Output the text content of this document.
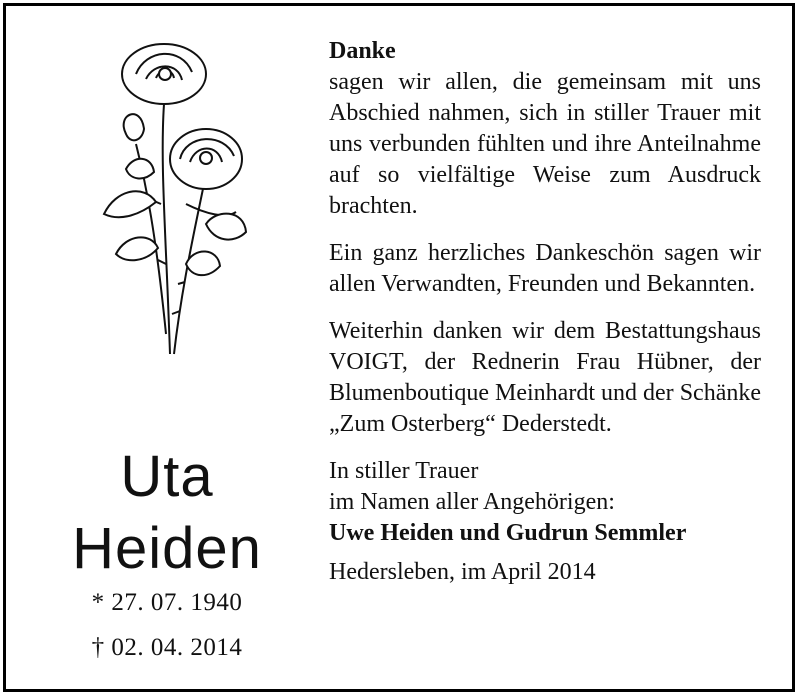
Uta
Heiden
* 27. 07. 1940
† 02. 04. 2014

Danke

sagen wir allen, die gemeinsam mit uns Abschied nahmen, sich in stiller Trauer mit uns verbunden fühlten und ihre Anteilnahme auf so vielfältige Weise zum Ausdruck brachten.

Ein ganz herzliches Dankeschön sagen wir allen Verwandten, Freunden und Bekannten.

Weiterhin danken wir dem Bestattungshaus VOIGT, der Rednerin Frau Hübner, der Blumenboutique Meinhardt und der Schänke „Zum Osterberg“ Dederstedt.

In stiller Trauer

im Namen aller Angehörigen:

Uwe Heiden und Gudrun Semmler

Hedersleben, im April 2014
